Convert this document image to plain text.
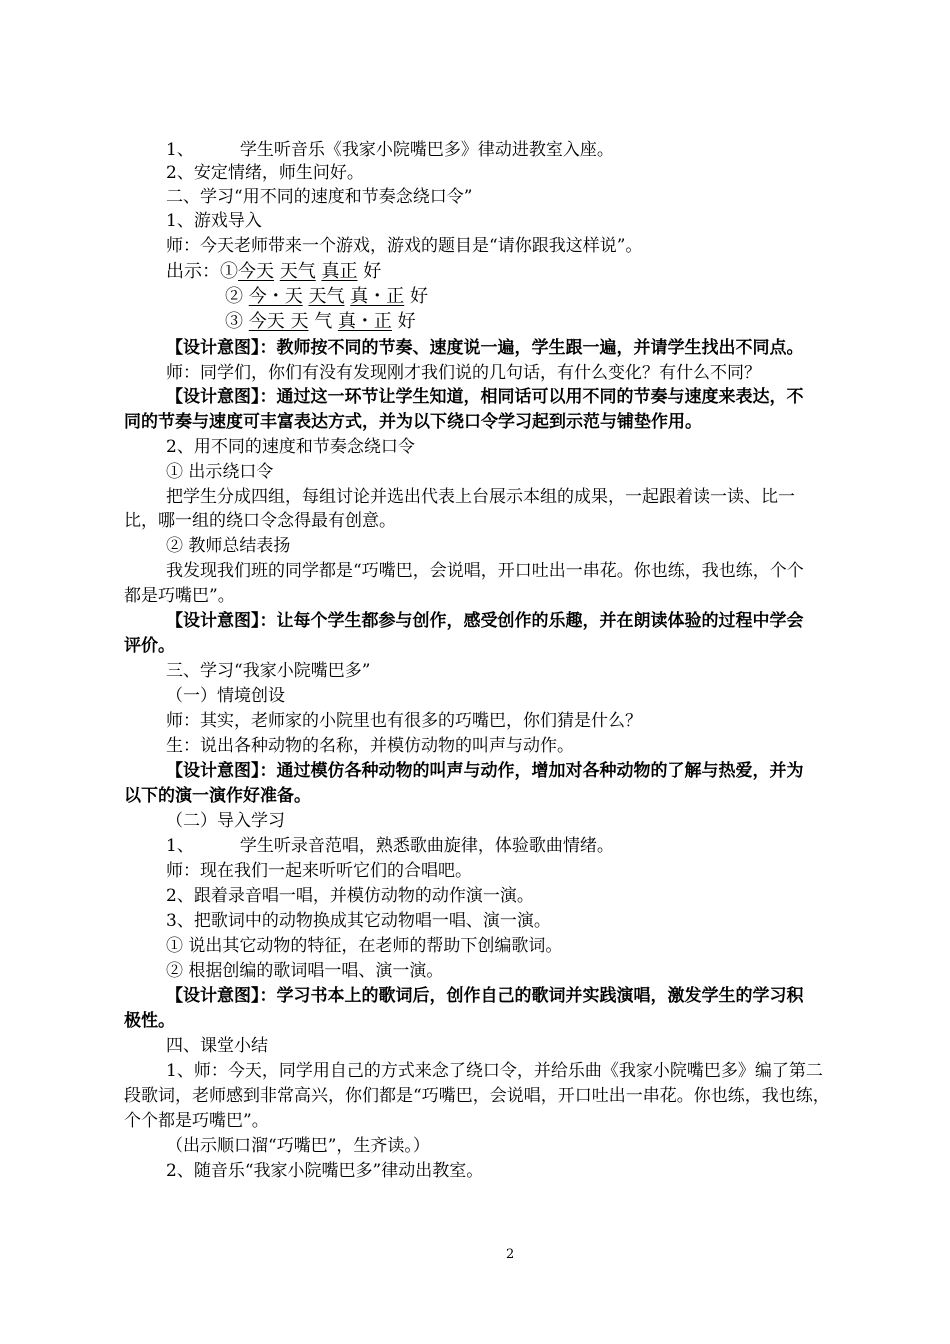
1、	学生听音乐《我家小院嘴巴多》律动进教室入座。
2、安定情绪，师生问好。
二、学习“用不同的速度和节奏念绕口令”
1、游戏导入
师：今天老师带来一个游戏，游戏的题目是“请你跟我这样说”。
出示：①今天 天气 真正 好
② 今・天 天气 真・正 好
③ 今天 天 气 真・正 好
【设计意图】：教师按不同的节奏、速度说一遍，学生跟一遍，并请学生找出不同点。
师：同学们，你们有没有发现刚才我们说的几句话，有什么变化？有什么不同？
【设计意图】：通过这一环节让学生知道，相同话可以用不同的节奏与速度来表达，不
同的节奏与速度可丰富表达方式，并为以下绕口令学习起到示范与铺垫作用。
2、用不同的速度和节奏念绕口令
① 出示绕口令
把学生分成四组，每组讨论并选出代表上台展示本组的成果，一起跟着读一读、比一
比，哪一组的绕口令念得最有创意。
② 教师总结表扬
我发现我们班的同学都是“巧嘴巴，会说唱，开口吐出一串花。你也练，我也练，个个
都是巧嘴巴”。
【设计意图】：让每个学生都参与创作，感受创作的乐趣，并在朗读体验的过程中学会
评价。
三、学习“我家小院嘴巴多”
（一）情境创设
师：其实，老师家的小院里也有很多的巧嘴巴，你们猜是什么？
生：说出各种动物的名称，并模仿动物的叫声与动作。
【设计意图】：通过模仿各种动物的叫声与动作，增加对各种动物的了解与热爱，并为
以下的演一演作好准备。
（二）导入学习
1、	学生听录音范唱，熟悉歌曲旋律，体验歌曲情绪。
师：现在我们一起来听听它们的合唱吧。
2、跟着录音唱一唱，并模仿动物的动作演一演。
3、把歌词中的动物换成其它动物唱一唱、演一演。
① 说出其它动物的特征，在老师的帮助下创编歌词。
② 根据创编的歌词唱一唱、演一演。
【设计意图】：学习书本上的歌词后，创作自己的歌词并实践演唱，激发学生的学习积
极性。
四、课堂小结
1、师：今天，同学用自己的方式来念了绕口令，并给乐曲《我家小院嘴巴多》编了第二
段歌词，老师感到非常高兴，你们都是“巧嘴巴，会说唱，开口吐出一串花。你也练，我也练，
个个都是巧嘴巴”。
（出示顺口溜“巧嘴巴”，生齐读。）
2、随音乐“我家小院嘴巴多”律动出教室。
2
